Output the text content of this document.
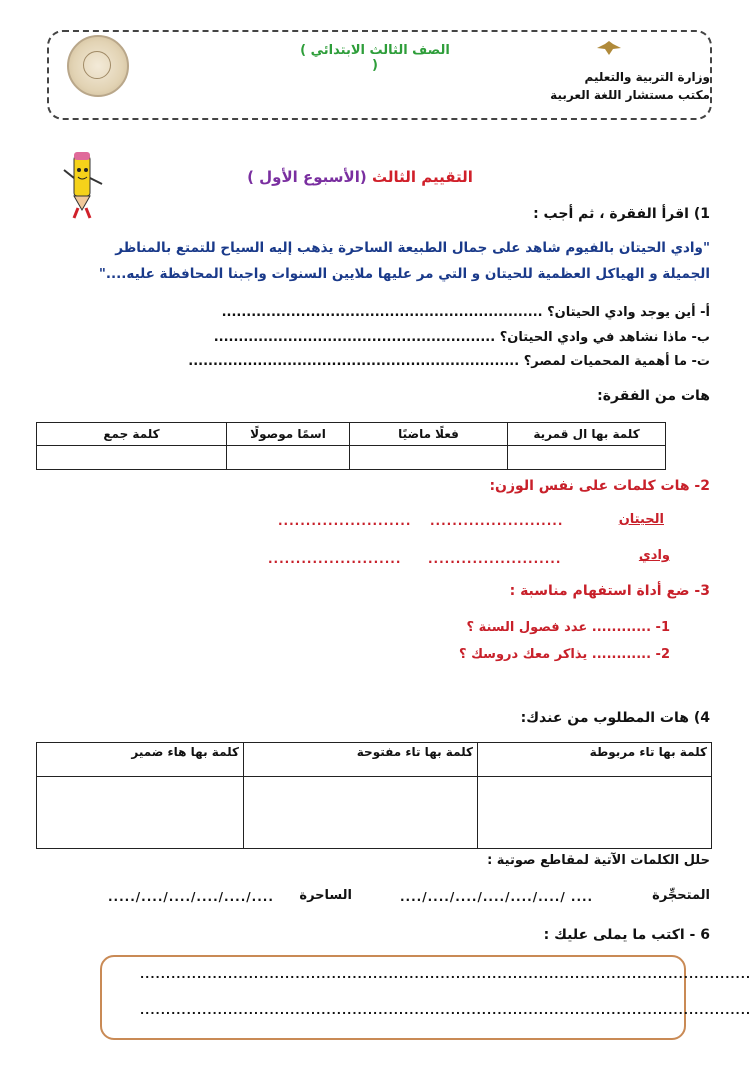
( الصف الثالث الابتدائي )
وزارة التربية والتعليم
مكتب مستشار اللغة العربية
التقييم الثالث (الأسبوع الأول )
1) اقرأ الفقرة ، ثم أجب :
"وادي الحيتان بالفيوم شاهد على جمال الطبيعة الساحرة يذهب إليه السياح للتمتع بالمناظر
الجميلة و الهياكل العظمية للحيتان و التي مر عليها ملايين السنوات واجبنا المحافظة عليه...."
أ- أين يوجد وادي الحيتان؟ .................................................................
ب- ماذا نشاهد في وادي الحيتان؟ .........................................................
ت- ما أهمية المحميات لمصر؟ ...................................................................
هات من الفقرة:
كلمة بها ال قمرية	فعلًا ماضيًا	اسمًا موصولًا	كلمة جمع

2- هات كلمات على نفس الوزن:
الحيتان
وادي
........................
........................
........................
........................
3- ضع أداة استفهام مناسبة :
1- ............ عدد فصول السنة ؟
2- ............ يذاكر معك دروسك ؟
4) هات المطلوب من عندك:
كلمة بها تاء مربوطة	كلمة بها تاء مفتوحة	كلمة بها هاء ضمير

حلل الكلمات الآتية لمقاطع صوتية :
المتحجِّرة
..../..../..../..../..../..../ ....
الساحرة
...../..../..../..../..../....
6 - اكتب ما يملى عليك :
......................................................................................................................
......................................................................................................................
